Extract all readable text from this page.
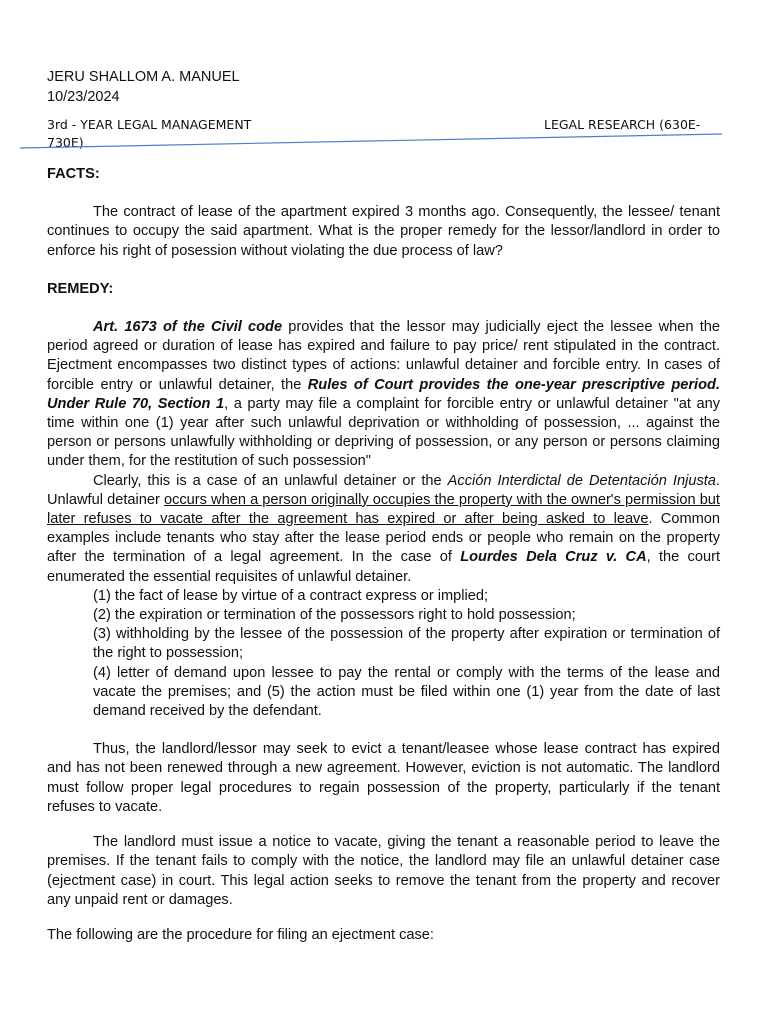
JERU SHALLOM A. MANUEL
10/23/2024
3rd - YEAR LEGAL MANAGEMENT	LEGAL RESEARCH (630E-
730E)

FACTS:

The contract of lease of the apartment expired 3 months ago. Consequently, the lessee/ tenant continues to occupy the said apartment. What is the proper remedy for the lessor/landlord in order to enforce his right of posession without violating the due process of law?

REMEDY:

Art. 1673 of the Civil code provides that the lessor may judicially eject the lessee when the period agreed or duration of lease has expired and failure to pay price/ rent stipulated in the contract. Ejectment encompasses two distinct types of actions: unlawful detainer and forcible entry. In cases of forcible entry or unlawful detainer, the Rules of Court provides the one-year prescriptive period. Under Rule 70, Section 1, a party may file a complaint for forcible entry or unlawful detainer "at any time within one (1) year after such unlawful deprivation or withholding of possession, ... against the person or persons unlawfully withholding or depriving of possession, or any person or persons claiming under them, for the restitution of such possession"

Clearly, this is a case of an unlawful detainer or the Acción Interdictal de Detentación Injusta. Unlawful detainer occurs when a person originally occupies the property with the owner's permission but later refuses to vacate after the agreement has expired or after being asked to leave. Common examples include tenants who stay after the lease period ends or people who remain on the property after the termination of a legal agreement. In the case of Lourdes Dela Cruz v. CA, the court enumerated the essential requisites of unlawful detainer.

(1) the fact of lease by virtue of a contract express or implied;

(2) the expiration or termination of the possessors right to hold possession;

(3) withholding by the lessee of the possession of the property after expiration or termination of the right to possession;

(4) letter of demand upon lessee to pay the rental or comply with the terms of the lease and vacate the premises; and (5) the action must be filed within one (1) year from the date of last demand received by the defendant.

Thus, the landlord/lessor may seek to evict a tenant/leasee whose lease contract has expired and has not been renewed through a new agreement. However, eviction is not automatic. The landlord must follow proper legal procedures to regain possession of the property, particularly if the tenant refuses to vacate.

The landlord must issue a notice to vacate, giving the tenant a reasonable period to leave the premises. If the tenant fails to comply with the notice, the landlord may file an unlawful detainer case (ejectment case) in court. This legal action seeks to remove the tenant from the property and recover any unpaid rent or damages.

The following are the procedure for filing an ejectment case:
